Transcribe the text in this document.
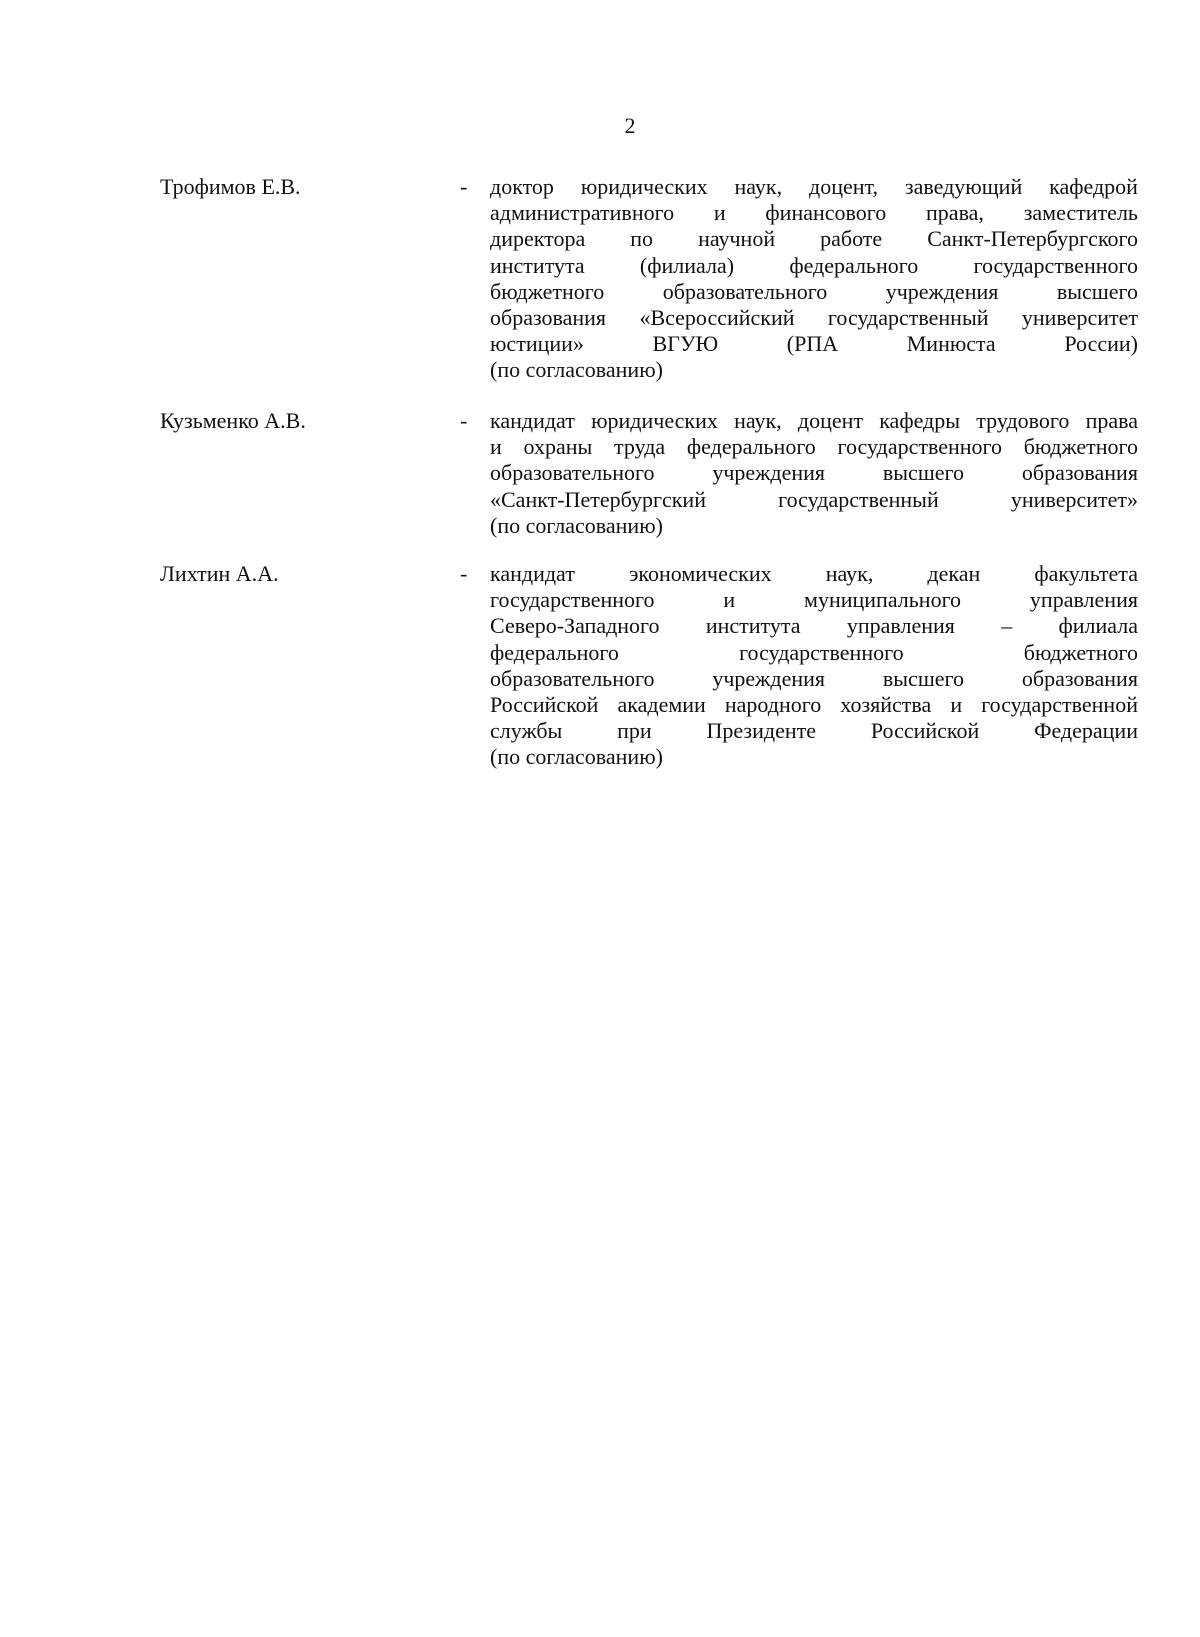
2
Трофимов Е.В.	- доктор юридических наук, доцент, заведующий кафедрой
административного и финансового права, заместитель
директора по научной работе Санкт-Петербургского
института	(филиала)	федерального	государственного
бюджетного	образовательного	учреждения	высшего
образования «Всероссийский государственный университет
юстиции»	ВГУЮ	(РПА	Минюста	России)
(по согласованию)
Кузьменко А.В.	- кандидат юридических наук, доцент кафедры трудового права
и охраны труда федерального государственного бюджетного
образовательного	учреждения	высшего	образования
«Санкт-Петербургский	государственный	университет»
(по согласованию)
Лихтин А.А.	- кандидат экономических наук, декан факультета
государственного	и	муниципального	управления
Северо-Западного института управления – филиала
федерального	государственного	бюджетного
образовательного	учреждения	высшего	образования
Российской академии народного хозяйства и государственной
службы при Президенте Российской Федерации
(по согласованию)
